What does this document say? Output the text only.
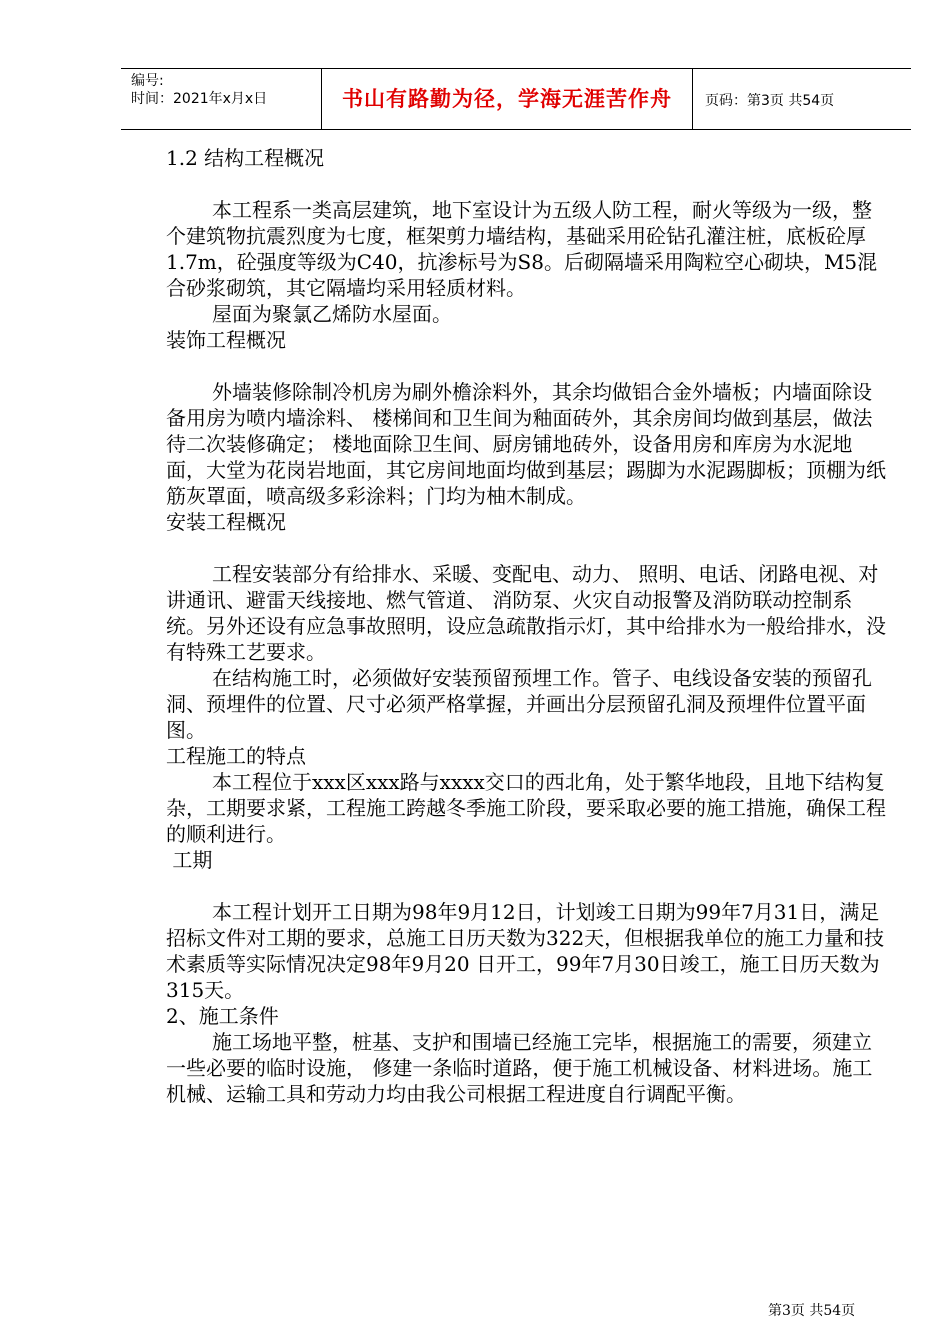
编号:
时间：2021年x月x日	书山有路勤为径，学海无涯苦作舟	页码：第3页 共54页

1.2 结构工程概况

本工程系一类高层建筑，地下室设计为五级人防工程，耐火等级为一级，整个建筑物抗震烈度为七度，框架剪力墙结构，基础采用砼钻孔灌注桩，底板砼厚1.7m，砼强度等级为C40，抗渗标号为S8。后砌隔墙采用陶粒空心砌块，M5混合砂浆砌筑，其它隔墙均采用轻质材料。

屋面为聚氯乙烯防水屋面。

装饰工程概况

外墙装修除制冷机房为刷外檐涂料外，其余均做铝合金外墙板；内墙面除设备用房为喷内墙涂料、 楼梯间和卫生间为釉面砖外，其余房间均做到基层，做法待二次装修确定； 楼地面除卫生间、厨房铺地砖外，设备用房和库房为水泥地面，大堂为花岗岩地面，其它房间地面均做到基层；踢脚为水泥踢脚板；顶棚为纸筋灰罩面，喷高级多彩涂料；门均为柚木制成。

安装工程概况

工程安装部分有给排水、采暖、变配电、动力、 照明、电话、闭路电视、对讲通讯、避雷天线接地、燃气管道、 消防泵、火灾自动报警及消防联动控制系统。另外还设有应急事故照明，设应急疏散指示灯，其中给排水为一般给排水，没有特殊工艺要求。

在结构施工时，必须做好安装预留预埋工作。管子、电线设备安装的预留孔洞、预埋件的位置、尺寸必须严格掌握，并画出分层预留孔洞及预埋件位置平面图。

工程施工的特点

本工程位于xxx区xxx路与xxxx交口的西北角，处于繁华地段，且地下结构复杂，工期要求紧，工程施工跨越冬季施工阶段，要采取必要的施工措施，确保工程的顺利进行。

工期

本工程计划开工日期为98年9月12日，计划竣工日期为99年7月31日，满足招标文件对工期的要求，总施工日历天数为322天，但根据我单位的施工力量和技术素质等实际情况决定98年9月20 日开工，99年7月30日竣工，施工日历天数为315天。

2、施工条件

施工场地平整，桩基、支护和围墙已经施工完毕，根据施工的需要，须建立一些必要的临时设施， 修建一条临时道路，便于施工机械设备、材料进场。施工机械、运输工具和劳动力均由我公司根据工程进度自行调配平衡。

第3页 共54页
